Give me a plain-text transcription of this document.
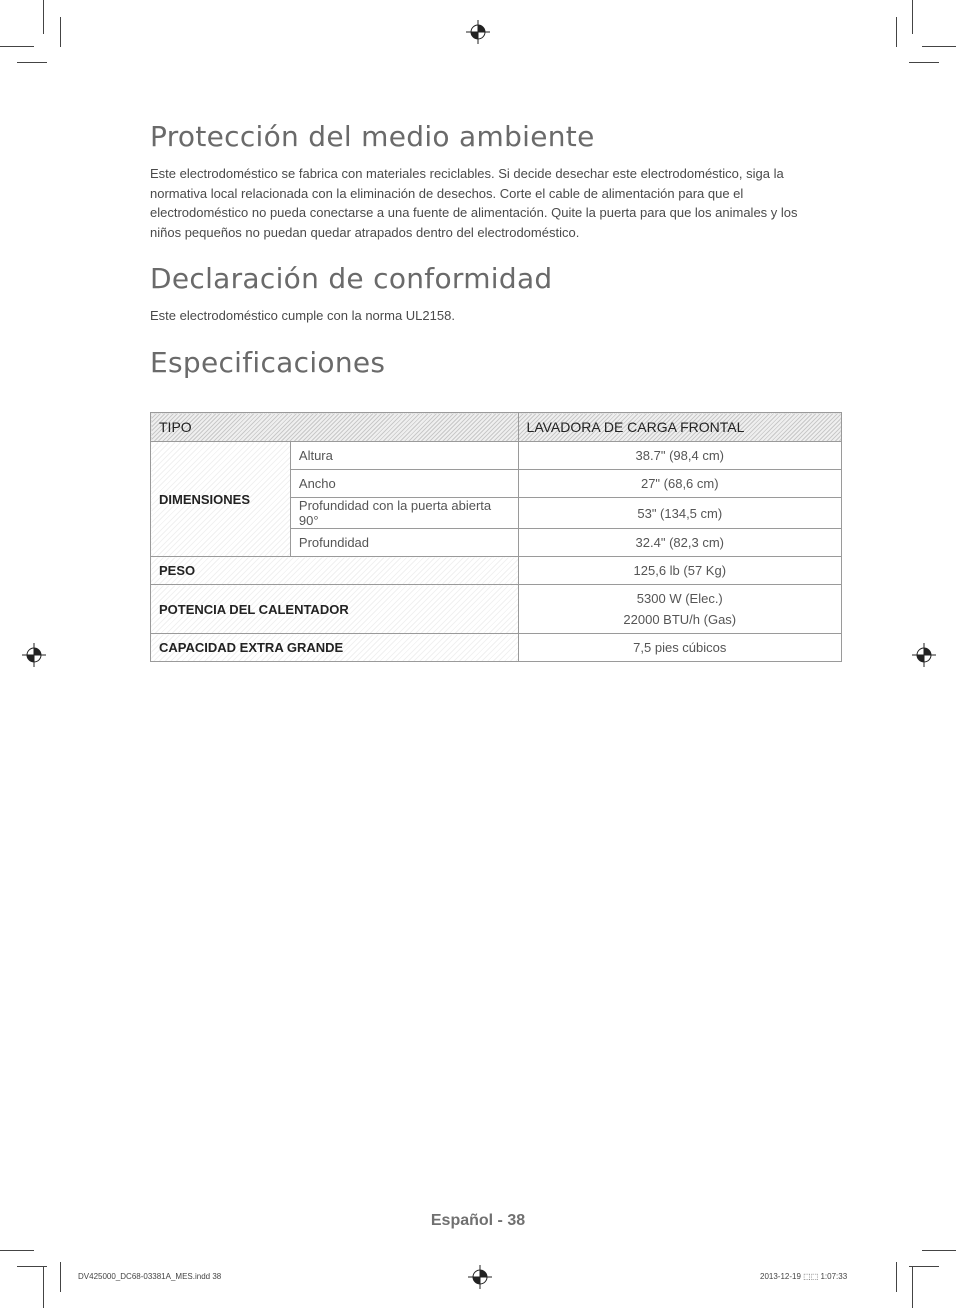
Protección del medio ambiente

Este electrodoméstico se fabrica con materiales reciclables. Si decide desechar este electrodoméstico, siga la normativa local relacionada con la eliminación de desechos. Corte el cable de alimentación para que el electrodoméstico no pueda conectarse a una fuente de alimentación. Quite la puerta para que los animales y los niños pequeños no puedan quedar atrapados dentro del electrodoméstico.

Declaración de conformidad

Este electrodoméstico cumple con la norma UL2158.

Especificaciones
TIPO		LAVADORA DE CARGA FRONTAL
DIMENSIONES	Altura	38.7" (98,4 cm)
	Ancho	27" (68,6 cm)
	Profundidad con la puerta abierta 90°	53" (134,5 cm)
	Profundidad	32.4" (82,3 cm)
PESO		125,6 lb (57 Kg)
POTENCIA DEL CALENTADOR		5300 W (Elec.)
22000 BTU/h (Gas)

CAPACIDAD EXTRA GRANDE		7,5 pies cúbicos
Español - 38
DV425000_DC68-03381A_MES.indd 38	2013-12-19 ⬚⬚ 1:07:33
